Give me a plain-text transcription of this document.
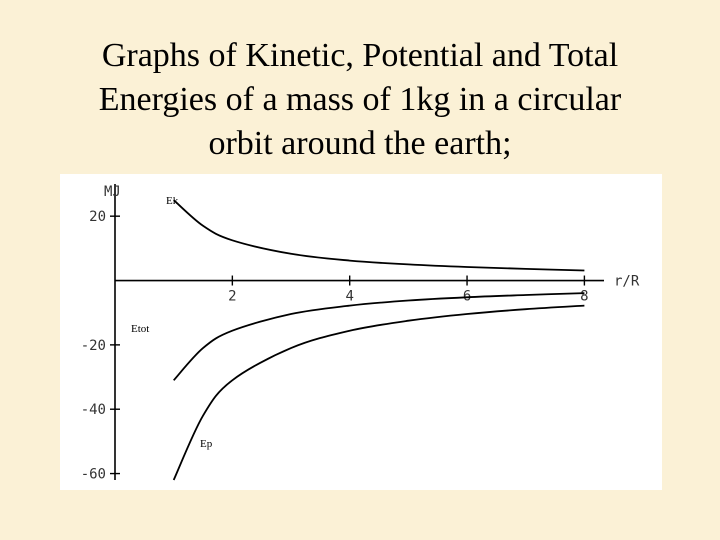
Graphs of Kinetic, Potential and Total
Energies of a mass of 1kg in a circular
orbit around the earth;
2	4	6	8
20
-20
-40
-60
MJ
r/R
Ek
Etot
Ep
